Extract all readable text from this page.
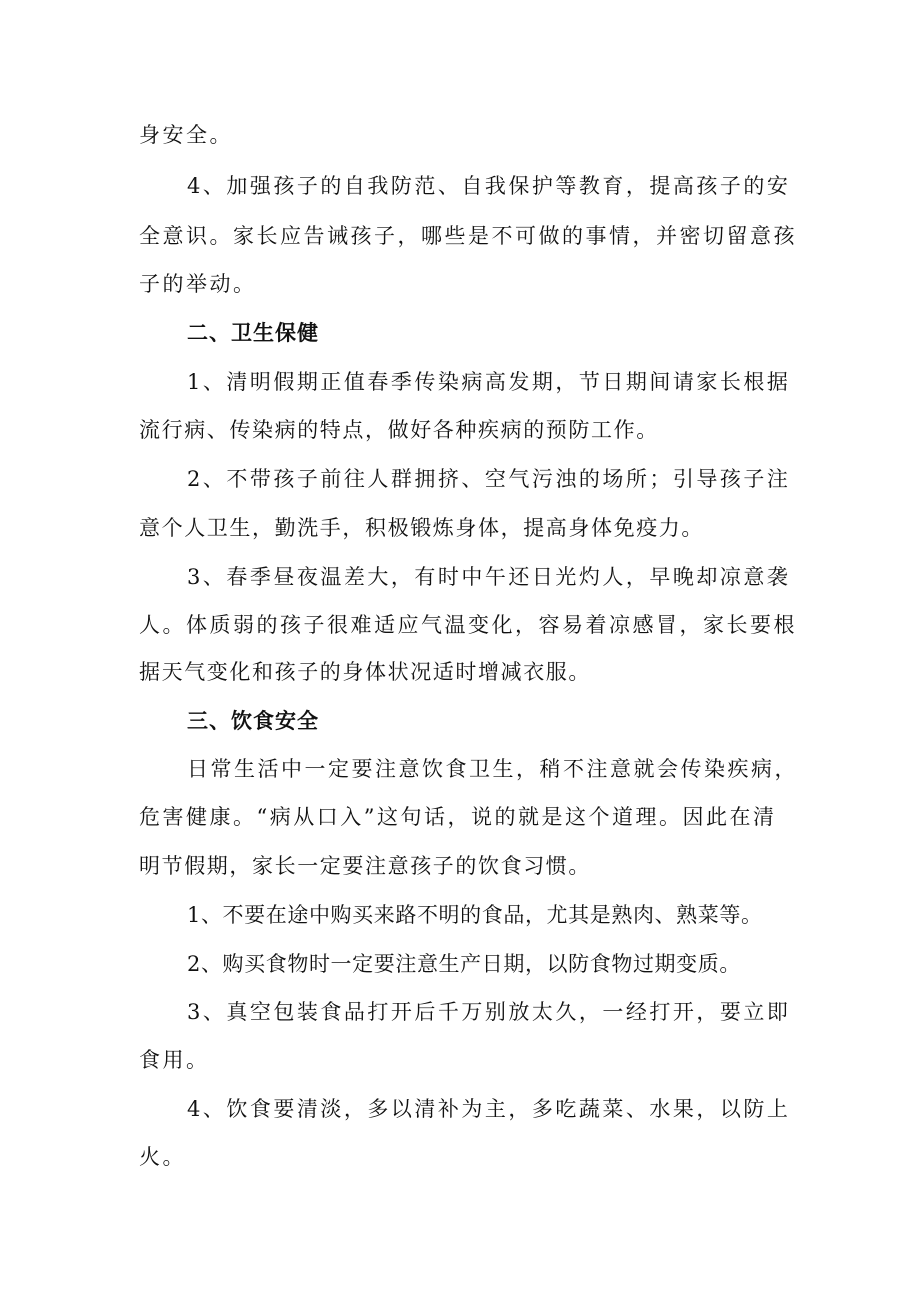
身安全。
4、加强孩子的自我防范、自我保护等教育，提高孩子的安
全意识。家长应告诫孩子，哪些是不可做的事情，并密切留意孩
子的举动。
二、卫生保健
1、清明假期正值春季传染病高发期，节日期间请家长根据
流行病、传染病的特点，做好各种疾病的预防工作。
2、不带孩子前往人群拥挤、空气污浊的场所；引导孩子注
意个人卫生，勤洗手，积极锻炼身体，提高身体免疫力。
3、春季昼夜温差大，有时中午还日光灼人，早晚却凉意袭
人。体质弱的孩子很难适应气温变化，容易着凉感冒，家长要根
据天气变化和孩子的身体状况适时增减衣服。
三、饮食安全
日常生活中一定要注意饮食卫生，稍不注意就会传染疾病，
危害健康。“病从口入”这句话，说的就是这个道理。因此在清
明节假期，家长一定要注意孩子的饮食习惯。
1、不要在途中购买来路不明的食品，尤其是熟肉、熟菜等。
2、购买食物时一定要注意生产日期，以防食物过期变质。
3、真空包装食品打开后千万别放太久，一经打开，要立即
食用。
4、饮食要清淡，多以清补为主，多吃蔬菜、水果，以防上
火。
